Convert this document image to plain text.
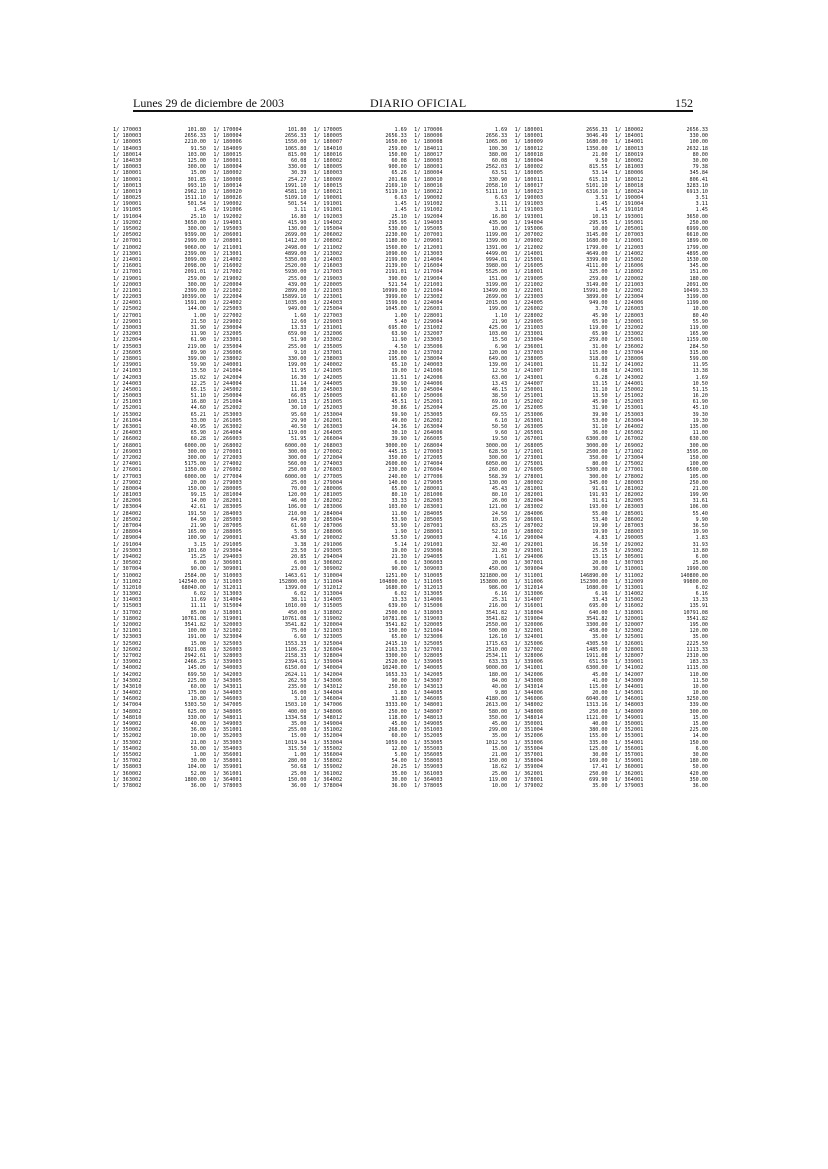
Lunes 29 de diciembre de 2003	DIARIO OFICIAL	152
1/ 170003	101.80
1/ 180003	2656.33
1/ 180005	2210.00
1/ 184003	91.50
1/ 180014	103.00
1/ 184030	125.00
1/ 180003	300.00
1/ 180001	15.00
1/ 180001	301.85
1/ 180013	993.10
1/ 180019	2962.10
1/ 180025	1511.10
1/ 190001	501.54
1/ 191005	1.45
1/ 191004	25.10
1/ 192002	3650.00
1/ 195002	300.00
1/ 205002	9399.00
1/ 207001	2999.00
1/ 210002	9060.00
1/ 213001	2399.00
1/ 214001	3099.00
1/ 216001	2098.00
1/ 217001	2091.01
1/ 219001	259.00
1/ 220003	300.00
1/ 221001	2399.00
1/ 222003	10399.00
1/ 224001	1591.00
1/ 225002	144.00
1/ 227001	1.00
1/ 229001	21.50
1/ 230003	31.90
1/ 232003	11.90
1/ 232004	61.90
1/ 235003	219.00
1/ 236005	89.90
1/ 238001	399.00
1/ 239001	59.90
1/ 241003	13.50
1/ 242003	15.02
1/ 244003	12.25
1/ 245001	65.15
1/ 250003	51.10
1/ 251003	16.80
1/ 252001	44.60
1/ 253002	65.21
1/ 261004	33.00
1/ 263001	40.95
1/ 264003	65.90
1/ 266002	60.28
1/ 268001	6000.00
1/ 269003	300.00
1/ 272002	300.00
1/ 274001	5175.00
1/ 276001	1350.00
1/ 277003	6000.00
1/ 279002	20.00
1/ 280004	150.00
1/ 281003	99.15
1/ 282006	14.00
1/ 283004	42.61
1/ 284002	191.50
1/ 285002	64.90
1/ 287004	21.90
1/ 288004	165.00
1/ 289004	100.90
1/ 291004	3.15
1/ 293003	101.60
1/ 294002	15.25
1/ 305002	6.00
1/ 307004	90.00
1/ 310002	2584.00
1/ 311002	142540.00
1/ 312010	68040.00
1/ 313002	6.02
1/ 314003	11.69
1/ 315003	11.11
1/ 317002	85.00
1/ 318002	10761.08
1/ 320002	3541.82
1/ 321001	100.00
1/ 323003	191.00
1/ 325002	15.00
1/ 326002	8921.08
1/ 327002	2942.61
1/ 339002	2466.25
1/ 340002	145.00
1/ 342002	699.50
1/ 343002	225.00
1/ 343010	60.00
1/ 344002	175.00
1/ 346002	10.80
1/ 347004	5303.50
1/ 348002	625.00
1/ 348010	330.00
1/ 349002	40.00
1/ 350002	36.00
1/ 352002	10.00
1/ 353002	21.00
1/ 354002	50.00
1/ 355002	1.00
1/ 357002	30.00
1/ 358003	104.00
1/ 360002	52.00
1/ 363002	1800.00
1/ 378002	36.00
1/ 170004	101.80
1/ 180004	2656.33
1/ 180006	1550.00
1/ 184009	1065.80
1/ 180015	815.00
1/ 180001	60.08
1/ 180004	330.00
1/ 180002	30.39
1/ 180008	254.27
1/ 180014	1991.10
1/ 180020	4581.10
1/ 180026	5109.10
1/ 190002	501.54
1/ 191006	3.11
1/ 192002	16.80
1/ 194001	415.90
1/ 195003	130.00
1/ 206001	2699.00
1/ 208001	1412.00
1/ 211001	2498.00
1/ 213001	4899.00
1/ 214002	5350.00
1/ 216002	2520.00
1/ 217002	5930.00
1/ 219002	255.00
1/ 220004	439.00
1/ 221002	2899.00
1/ 222004	15899.10
1/ 224002	1035.00
1/ 225003	949.00
1/ 227002	1.60
1/ 229002	12.60
1/ 230004	13.33
1/ 232005	659.00
1/ 233001	51.90
1/ 235004	255.00
1/ 236006	9.10
1/ 238002	330.00
1/ 240001	199.00
1/ 241004	11.95
1/ 242004	16.30
1/ 244004	11.14
1/ 245002	11.80
1/ 250004	66.05
1/ 251004	100.13
1/ 252002	30.10
1/ 253003	95.60
1/ 261005	29.90
1/ 263002	40.50
1/ 264004	119.00
1/ 266003	51.95
1/ 268002	6000.00
1/ 270001	300.00
1/ 272003	300.00
1/ 274002	560.00
1/ 276002	250.00
1/ 277004	6000.00
1/ 279003	25.00
1/ 280005	70.00
1/ 281004	120.00
1/ 282001	46.00
1/ 283005	106.00
1/ 284003	210.00
1/ 285003	64.90
1/ 287005	61.60
1/ 288005	5.50
1/ 290001	43.80
1/ 291005	3.38
1/ 293004	23.50
1/ 294003	20.85
1/ 306001	6.00
1/ 309001	23.00
1/ 310003	1463.61
1/ 311003	152800.00
1/ 312011	1399.00
1/ 313003	6.02
1/ 314004	38.11
1/ 315004	1010.00
1/ 318001	450.00
1/ 319001	10761.08
1/ 320003	3541.82
1/ 321002	75.00
1/ 323004	6.60
1/ 325003	1553.33
1/ 326003	1106.25
1/ 328003	2158.33
1/ 339003	2394.61
1/ 340003	6150.00
1/ 342003	2624.11
1/ 343005	262.50
1/ 343011	235.00
1/ 344003	16.00
1/ 346003	3.10
1/ 347005	1503.10
1/ 348005	400.00
1/ 348011	1334.58
1/ 349003	35.00
1/ 351001	255.00
1/ 352003	15.00
1/ 353003	1019.34
1/ 354003	315.50
1/ 356001	1.00
1/ 358001	280.00
1/ 359001	50.68
1/ 361001	25.00
1/ 364001	150.00
1/ 378003	36.00
1/ 170005	1.69
1/ 180005	2656.33
1/ 180007	1650.00
1/ 184010	259.00
1/ 180016	150.00
1/ 180002	60.08
1/ 180005	900.00
1/ 180003	65.26
1/ 180009	201.68
1/ 180015	2169.10
1/ 180021	5119.10
1/ 190001	6.63
1/ 191001	1.45
1/ 191001	1.45
1/ 192003	25.10
1/ 194002	295.95
1/ 195004	530.00
1/ 206002	2230.00
1/ 208002	1180.00
1/ 211002	1560.00
1/ 213002	1090.00
1/ 214003	2199.00
1/ 216003	2139.00
1/ 217003	2191.01
1/ 219003	390.00
1/ 220005	521.54
1/ 221003	10999.00
1/ 223001	3999.00
1/ 224003	1599.00
1/ 225004	1045.00
1/ 227003	1.00
1/ 229003	5.40
1/ 231001	695.00
1/ 232006	63.90
1/ 233002	11.90
1/ 235005	4.50
1/ 237001	230.00
1/ 238003	195.00
1/ 240002	65.10
1/ 241005	19.00
1/ 242005	11.51
1/ 244005	39.90
1/ 245003	39.90
1/ 250005	61.60
1/ 251005	45.51
1/ 252003	30.86
1/ 253004	59.90
1/ 262001	49.00
1/ 263003	14.36
1/ 264005	30.10
1/ 266004	39.90
1/ 268003	3000.00
1/ 270002	445.15
1/ 272004	350.00
1/ 274003	2600.00
1/ 276003	230.00
1/ 277005	240.00
1/ 279004	140.00
1/ 280006	65.00
1/ 281005	80.10
1/ 282002	33.33
1/ 283006	103.00
1/ 284004	11.00
1/ 285004	53.90
1/ 287006	53.90
1/ 288006	1.90
1/ 290002	53.50
1/ 291006	5.14
1/ 293005	19.00
1/ 294004	21.30
1/ 306002	6.00
1/ 309002	90.00
1/ 310004	1251.00
1/ 311004	104800.00
1/ 312012	1680.00
1/ 313004	6.02
1/ 314005	13.33
1/ 315005	639.00
1/ 318002	2500.00
1/ 319002	10781.08
1/ 320004	3541.82
1/ 321003	150.00
1/ 323005	65.00
1/ 325004	2415.10
1/ 326004	2163.33
1/ 328004	3300.00
1/ 339004	2520.00
1/ 340004	10240.00
1/ 342004	1653.33
1/ 343006	90.00
1/ 343012	250.00
1/ 344004	1.80
1/ 346004	31.80
1/ 347006	3333.00
1/ 348006	250.00
1/ 348012	118.00
1/ 349004	45.00
1/ 351002	268.00
1/ 352004	60.00
1/ 353004	1059.00
1/ 355002	12.00
1/ 356004	5.00
1/ 358002	54.00
1/ 359002	20.25
1/ 361002	35.00
1/ 364002	30.00
1/ 378004	36.00
1/ 170006	1.69
1/ 180006	2656.33
1/ 180008	1065.00
1/ 184011	100.30
1/ 180017	380.00
1/ 180003	60.08
1/ 180001	2562.03
1/ 180004	63.51
1/ 180010	330.90
1/ 180016	2058.10
1/ 180022	5111.10
1/ 190002	6.63
1/ 191002	3.11
1/ 191002	3.11
1/ 192004	16.80
1/ 194003	435.90
1/ 195005	10.00
1/ 207001	1199.00
1/ 209001	1399.00
1/ 212001	1391.00
1/ 213003	4499.00
1/ 214004	9994.01
1/ 216004	3980.00
1/ 217004	5525.00
1/ 219004	151.00
1/ 221001	3199.00
1/ 221004	13499.00
1/ 223002	2699.00
1/ 224004	2015.00
1/ 226001	199.00
1/ 228001	1.10
1/ 229004	21.90
1/ 231002	425.00
1/ 232007	103.00
1/ 233003	15.50
1/ 235006	6.90
1/ 237002	120.00
1/ 238004	649.00
1/ 240003	139.00
1/ 241006	12.50
1/ 242006	63.00
1/ 244006	13.43
1/ 245004	46.15
1/ 250006	38.50
1/ 252001	69.10
1/ 252004	25.00
1/ 253005	69.55
1/ 262002	6.10
1/ 263004	50.50
1/ 264006	9.60
1/ 266005	19.50
1/ 268004	3000.00
1/ 270003	628.50
1/ 272005	300.00
1/ 274004	6050.00
1/ 276004	260.00
1/ 277006	568.39
1/ 279005	130.00
1/ 280001	45.43
1/ 281006	80.10
1/ 282003	26.00
1/ 283001	121.00
1/ 284005	24.50
1/ 285005	10.95
1/ 287001	63.25
1/ 288001	52.10
1/ 290003	4.16
1/ 291001	32.40
1/ 293006	21.30
1/ 294005	1.61
1/ 306003	20.00
1/ 309003	450.00
1/ 310005	321800.00
1/ 311005	153800.00
1/ 312013	986.00
1/ 313005	6.16
1/ 314006	25.31
1/ 315006	216.00
1/ 318003	3541.82
1/ 319003	3541.82
1/ 320005	2550.00
1/ 321004	500.00
1/ 323006	126.10
1/ 325005	1715.63
1/ 327001	2510.00
1/ 328005	2534.11
1/ 339005	633.33
1/ 340005	9000.00
1/ 342005	180.00
1/ 343007	84.00
1/ 343013	40.00
1/ 344005	9.80
1/ 346005	4180.00
1/ 348001	2613.00
1/ 348007	580.00
1/ 348013	350.00
1/ 349005	45.00
1/ 351003	299.00
1/ 352005	35.00
1/ 353005	1012.50
1/ 355003	15.00
1/ 356005	21.00
1/ 358003	150.00
1/ 359003	18.62
1/ 361003	25.00
1/ 364003	119.00
1/ 378005	10.00
1/ 180001	2656.33
1/ 180001	3046.49
1/ 180009	1680.00
1/ 180012	1350.00
1/ 180018	21.00
1/ 180004	9.50
1/ 180002	815.55
1/ 180005	53.14
1/ 180011	615.13
1/ 180017	5101.10
1/ 180023	6316.10
1/ 190003	3.51
1/ 191003	1.45
1/ 191003	1.45
1/ 193001	10.13
1/ 194004	295.95
1/ 195006	10.00
1/ 207002	3145.00
1/ 209002	1680.00
1/ 212002	1799.00
1/ 214001	4649.00
1/ 215001	3399.00
1/ 216005	4111.00
1/ 218001	325.00
1/ 219005	259.00
1/ 221002	3149.00
1/ 222001	15991.00
1/ 223003	3899.00
1/ 224005	949.00
1/ 226002	3.70
1/ 228002	45.90
1/ 229005	65.90
1/ 231003	119.00
1/ 233001	65.90
1/ 233004	259.00
1/ 236001	31.00
1/ 237003	115.00
1/ 238005	318.00
1/ 241001	11.32
1/ 241007	13.08
1/ 243001	6.28
1/ 244007	13.15
1/ 250001	31.10
1/ 251001	13.50
1/ 252002	45.90
1/ 252005	31.90
1/ 253006	39.90
1/ 263001	53.00
1/ 263005	31.10
1/ 265001	36.00
1/ 267001	6300.00
1/ 268005	3000.00
1/ 271001	2500.00
1/ 273001	350.00
1/ 275001	80.00
1/ 276005	5300.00
1/ 278001	300.00
1/ 280002	345.00
1/ 281001	91.61
1/ 282001	191.93
1/ 282004	31.61
1/ 283002	193.00
1/ 284006	55.00
1/ 286001	53.40
1/ 287002	19.90
1/ 288002	19.90
1/ 290004	4.83
1/ 292001	16.50
1/ 293001	25.15
1/ 294006	13.15
1/ 307001	20.00
1/ 309004	30.00
1/ 311001	146890.00
1/ 311006	152300.00
1/ 312014	1080.00
1/ 313006	6.16
1/ 314007	33.43
1/ 316001	695.00
1/ 318004	640.00
1/ 319004	3541.82
1/ 320006	3300.00
1/ 322001	458.00
1/ 324001	35.00
1/ 325006	4305.50
1/ 327002	1485.00
1/ 328006	1911.08
1/ 339006	651.50
1/ 341001	6300.00
1/ 342006	45.00
1/ 343008	41.00
1/ 343014	115.00
1/ 344006	20.00
1/ 346006	6040.00
1/ 348002	1313.16
1/ 348008	250.00
1/ 348014	1121.00
1/ 350001	40.00
1/ 351004	380.00
1/ 352006	155.00
1/ 353006	335.00
1/ 355004	125.00
1/ 357001	30.00
1/ 358004	169.00
1/ 359004	17.41
1/ 362001	250.00
1/ 378001	699.90
1/ 379002	35.00
1/ 180002	2656.33
1/ 184001	330.00
1/ 184001	100.00
1/ 180013	2632.18
1/ 180019	80.00
1/ 180002	30.00
1/ 181003	79.38
1/ 180006	345.84
1/ 180012	806.41
1/ 180018	3283.10
1/ 180024	6913.10
1/ 190004	3.51
1/ 191004	3.11
1/ 191010	1.45
1/ 193001	3650.00
1/ 195001	250.00
1/ 205001	6999.00
1/ 207003	6610.00
1/ 210001	1899.00
1/ 212003	1799.00
1/ 214002	4895.00
1/ 215002	1530.00
1/ 216006	345.00
1/ 218002	151.00
1/ 220002	180.00
1/ 221003	2091.00
1/ 222002	10499.33
1/ 223004	3199.00
1/ 224006	1199.00
1/ 226003	10.00
1/ 228003	80.40
1/ 230001	55.90
1/ 232002	119.00
1/ 233002	165.90
1/ 235001	1159.00
1/ 236002	284.50
1/ 237004	315.00
1/ 238006	599.00
1/ 241002	11.95
1/ 242001	13.38
1/ 243002	1.69
1/ 244001	10.50
1/ 250002	51.15
1/ 251002	16.20
1/ 252003	61.90
1/ 253001	45.10
1/ 253003	39.30
1/ 263004	19.30
1/ 264002	135.00
1/ 265002	11.00
1/ 267002	630.00
1/ 269002	300.00
1/ 271002	3595.00
1/ 273004	150.00
1/ 275002	100.00
1/ 277001	6500.00
1/ 278002	105.00
1/ 280003	250.00
1/ 281002	21.00
1/ 282002	199.90
1/ 282005	31.61
1/ 283003	106.00
1/ 285001	55.40
1/ 286002	9.90
1/ 287003	36.50
1/ 288003	19.90
1/ 290005	1.83
1/ 292002	31.93
1/ 293002	13.80
1/ 305001	6.00
1/ 307003	25.00
1/ 310001	1990.00
1/ 311002	140800.00
1/ 312009	99800.00
1/ 313001	6.02
1/ 314002	6.16
1/ 315002	13.33
1/ 316002	135.91
1/ 318001	10791.08
1/ 320001	3541.82
1/ 320007	195.00
1/ 323002	120.00
1/ 325001	35.00
1/ 326001	2225.50
1/ 328001	1113.33
1/ 328007	2310.00
1/ 339001	183.33
1/ 341002	1115.00
1/ 342007	110.00
1/ 343009	11.50
1/ 344001	10.00
1/ 345001	10.00
1/ 346001	3250.00
1/ 348003	339.00
1/ 348009	300.00
1/ 349001	15.00
1/ 350001	15.00
1/ 352001	225.00
1/ 353001	14.00
1/ 354001	150.00
1/ 356001	6.00
1/ 357001	30.00
1/ 359001	180.00
1/ 360001	50.00
1/ 362001	420.00
1/ 364001	350.00
1/ 379003	36.00
